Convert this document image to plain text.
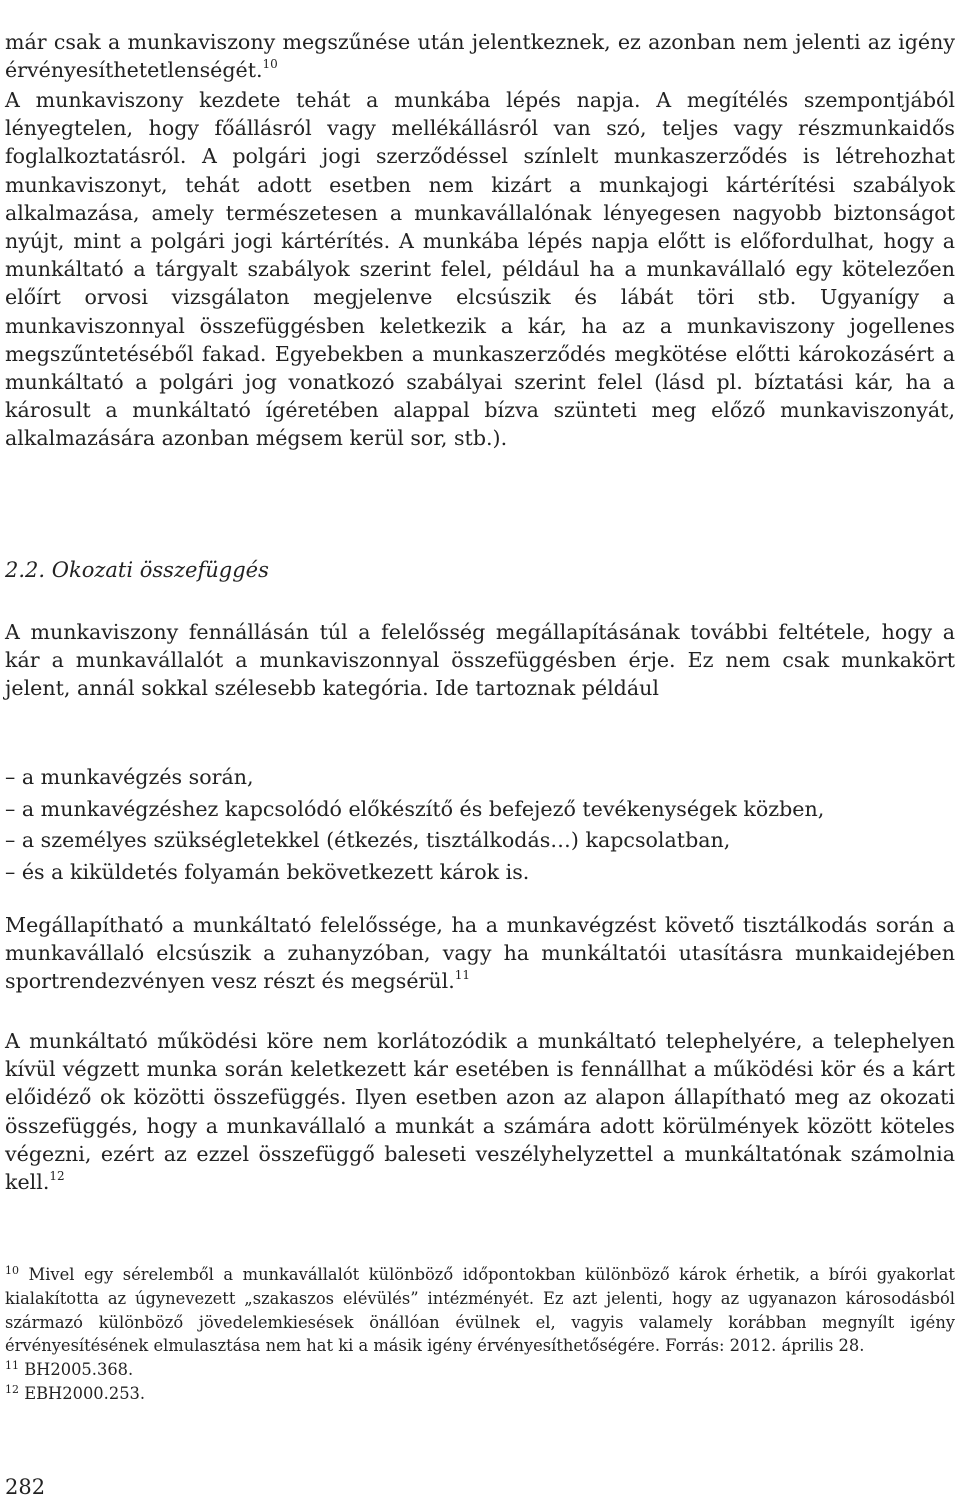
már csak a munkaviszony megszűnése után jelentkeznek, ez azonban nem jelenti az igény érvényesíthetetlenségét.$^{10}$

A munkaviszony kezdete tehát a munkába lépés napja. A megítélés szempontjából lényegtelen, hogy főállásról vagy mellékállásról van szó, teljes vagy részmunkaidős foglalkoztatásról. A polgári jogi szerződéssel színlelt munkaszerződés is létrehozhat munkaviszonyt, tehát adott esetben nem kizárt a munkajogi kártérítési szabályok alkalmazása, amely természetesen a munkavállalónak lényegesen nagyobb biztonságot nyújt, mint a polgári jogi kártérítés. A munkába lépés napja előtt is előfordulhat, hogy a munkáltató a tárgyalt szabályok szerint felel, például ha a munkavállaló egy kötelezően előírt orvosi vizsgálaton megjelenve elcsúszik és lábát töri stb. Ugyanígy a munkaviszonnyal összefüggésben keletkezik a kár, ha az a munkaviszony jogellenes megszűntetéséből fakad. Egyebekben a munkaszerződés megkötése előtti károkozásért a munkáltató a polgári jog vonatkozó szabályai szerint felel (lásd pl. bíztatási kár, ha a károsult a munkáltató ígéretében alappal bízva szünteti meg előző munkaviszonyát, alkalmazására azonban mégsem kerül sor, stb.).

2.2. Okozati összefüggés

A munkaviszony fennállásán túl a felelősség megállapításának további feltétele, hogy a kár a munkavállalót a munkaviszonnyal összefüggésben érje. Ez nem csak munkakört jelent, annál sokkal szélesebb kategória. Ide tartoznak például

– a munkavégzés során,
– a munkavégzéshez kapcsolódó előkészítő és befejező tevékenységek közben,
– a személyes szükségletekkel (étkezés, tisztálkodás…) kapcsolatban,
– és a kiküldetés folyamán bekövetkezett károk is.

Megállapítható a munkáltató felelőssége, ha a munkavégzést követő tisztálkodás során a munkavállaló elcsúszik a zuhanyzóban, vagy ha munkáltatói utasításra munkaidejében sportrendezvényen vesz részt és megsérül.$^{11}$

A munkáltató működési köre nem korlátozódik a munkáltató telephelyére, a telephelyen kívül végzett munka során keletkezett kár esetében is fennállhat a működési kör és a kárt előidéző ok közötti összefüggés. Ilyen esetben azon az alapon állapítható meg az okozati összefüggés, hogy a munkavállaló a munkát a számára adott körülmények között köteles végezni, ezért az ezzel összefüggő baleseti veszélyhelyzettel a munkáltatónak számolnia kell.$^{12}$

$^{10}$ Mivel egy sérelemből a munkavállalót különböző időpontokban különböző károk érhetik, a bírói gyakorlat kialakította az úgynevezett „szakaszos elévülés” intézményét. Ez azt jelenti, hogy az ugyanazon károsodásból származó különböző jövedelemkiesések önállóan évülnek el, vagyis valamely korábban megnyílt igény érvényesítésének elmulasztása nem hat ki a másik igény érvényesíthetőségére. Forrás: 2012. április 28.

$^{11}$ BH2005.368.

$^{12}$ EBH2000.253.

282
